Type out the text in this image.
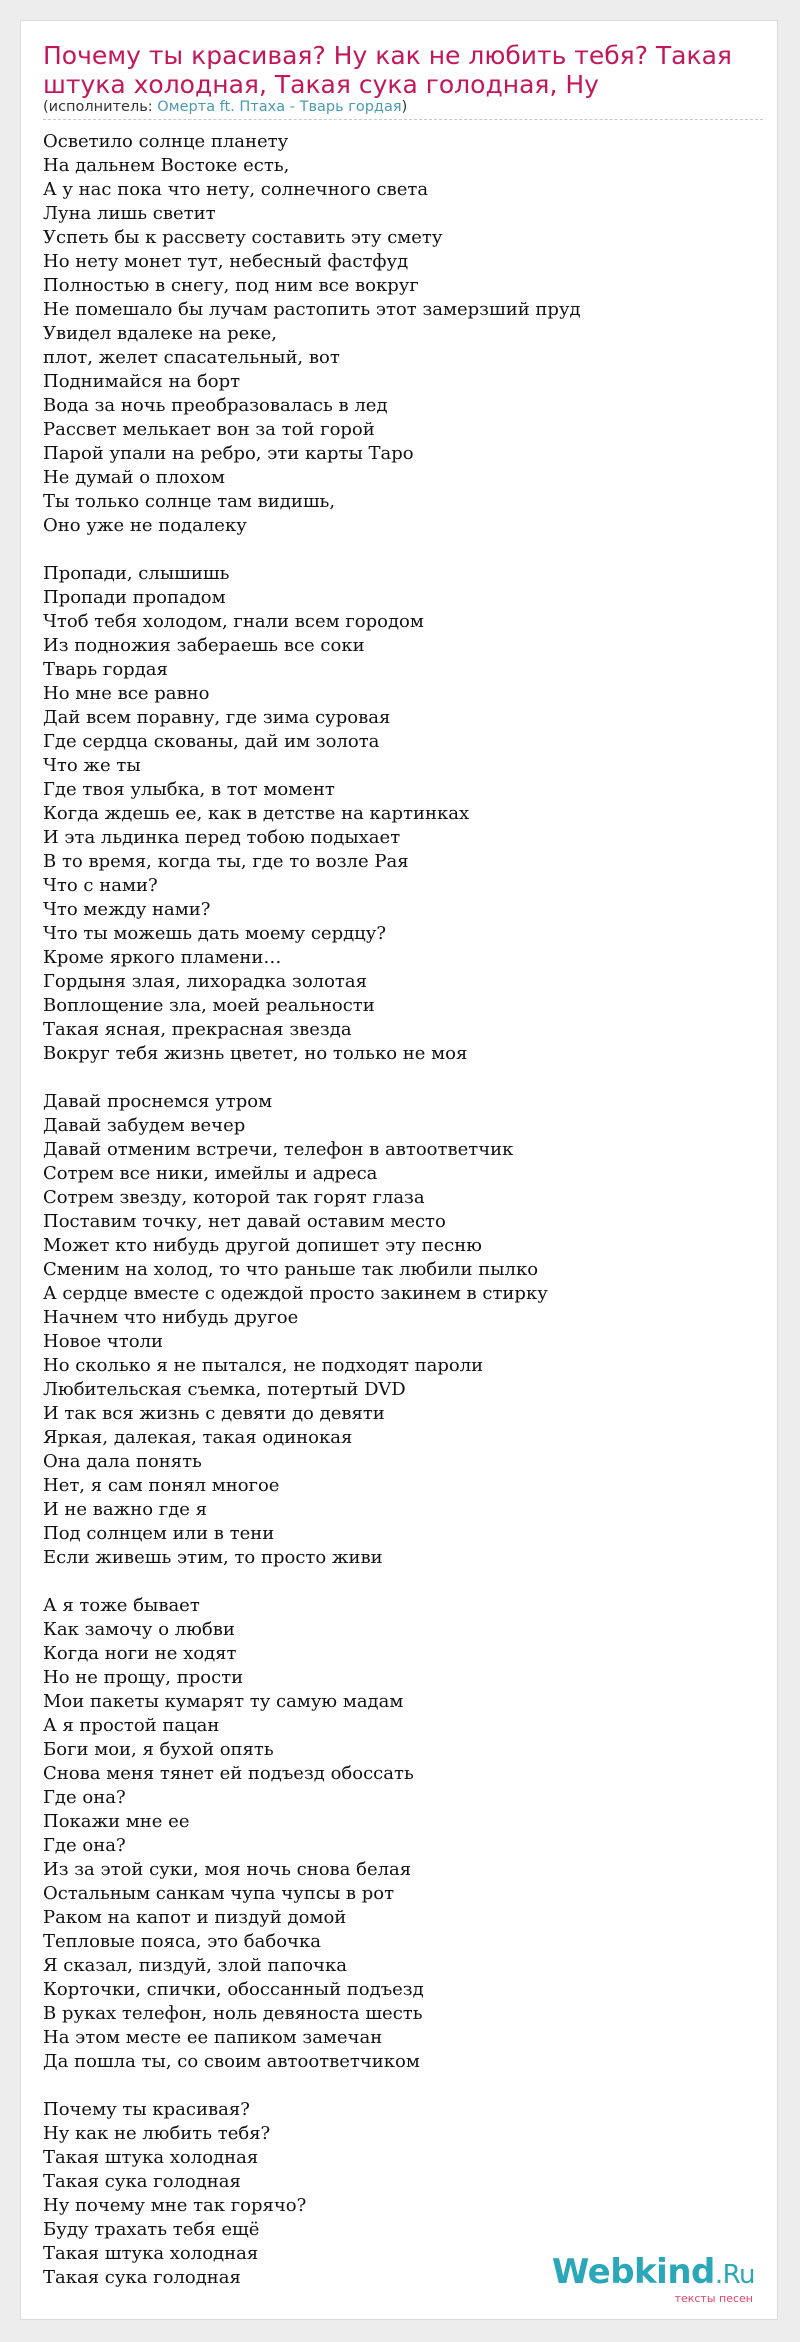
Почему ты красивая? Ну как не любить тебя? Такая штука холодная, Такая сука голодная, Ну
(исполнитель: Омерта ft. Птаха - Тварь гордая)
Осветило солнце планету
На дальнем Востоке есть,
А у нас пока что нету, солнечного света
Луна лишь светит
Успеть бы к рассвету составить эту смету
Но нету монет тут, небесный фастфуд
Полностью в снегу, под ним все вокруг
Не помешало бы лучам растопить этот замерзший пруд
Увидел вдалеке на реке,
плот, желет спасательный, вот
Поднимайся на борт
Вода за ночь преобразовалась в лед
Рассвет мелькает вон за той горой
Парой упали на ребро, эти карты Таро
Не думай о плохом
Ты только солнце там видишь,
Оно уже не подалеку
Пропади, слышишь
Пропади пропадом
Чтоб тебя холодом, гнали всем городом
Из подножия забераешь все соки
Тварь гордая
Но мне все равно
Дай всем поравну, где зима суровая
Где сердца скованы, дай им золота
Что же ты
Где твоя улыбка, в тот момент
Когда ждешь ее, как в детстве на картинках
И эта льдинка перед тобою подыхает
В то время, когда ты, где то возле Рая
Что с нами?
Что между нами?
Что ты можешь дать моему сердцу?
Кроме яркого пламени…
Гордыня злая, лихорадка золотая
Воплощение зла, моей реальности
Такая ясная, прекрасная звезда
Вокруг тебя жизнь цветет, но только не моя
Давай проснемся утром
Давай забудем вечер
Давай отменим встречи, телефон в автоответчик
Сотрем все ники, имейлы и адреса
Сотрем звезду, которой так горят глаза
Поставим точку, нет давай оставим место
Может кто нибудь другой допишет эту песню
Сменим на холод, то что раньше так любили пылко
А сердце вместе с одеждой просто закинем в стирку
Начнем что нибудь другое
Новое чтоли
Но сколько я не пытался, не подходят пароли
Любительская съемка, потертый DVD
И так вся жизнь с девяти до девяти
Яркая, далекая, такая одинокая
Она дала понять
Нет, я сам понял многое
И не важно где я
Под солнцем или в тени
Если живешь этим, то просто живи
А я тоже бывает
Как замочу о любви
Когда ноги не ходят
Но не прощу, прости
Мои пакеты кумарят ту самую мадам
А я простой пацан
Боги мои, я бухой опять
Снова меня тянет ей подъезд обоссать
Где она?
Покажи мне ее
Где она?
Из за этой суки, моя ночь снова белая
Остальным санкам чупа чупсы в рот
Раком на капот и пиздуй домой
Тепловые пояса, это бабочка
Я сказал, пиздуй, злой папочка
Корточки, спички, обоссанный подъезд
В руках телефон, ноль девяноста шесть
На этом месте ее папиком замечан
Да пошла ты, со своим автоответчиком
Почему ты красивая?
Ну как не любить тебя?
Такая штука холодная
Такая сука голодная
Ну почему мне так горячо?
Буду трахать тебя ещё
Такая штука холодная
Такая сука голодная	Webkind.Ru
тексты песен
